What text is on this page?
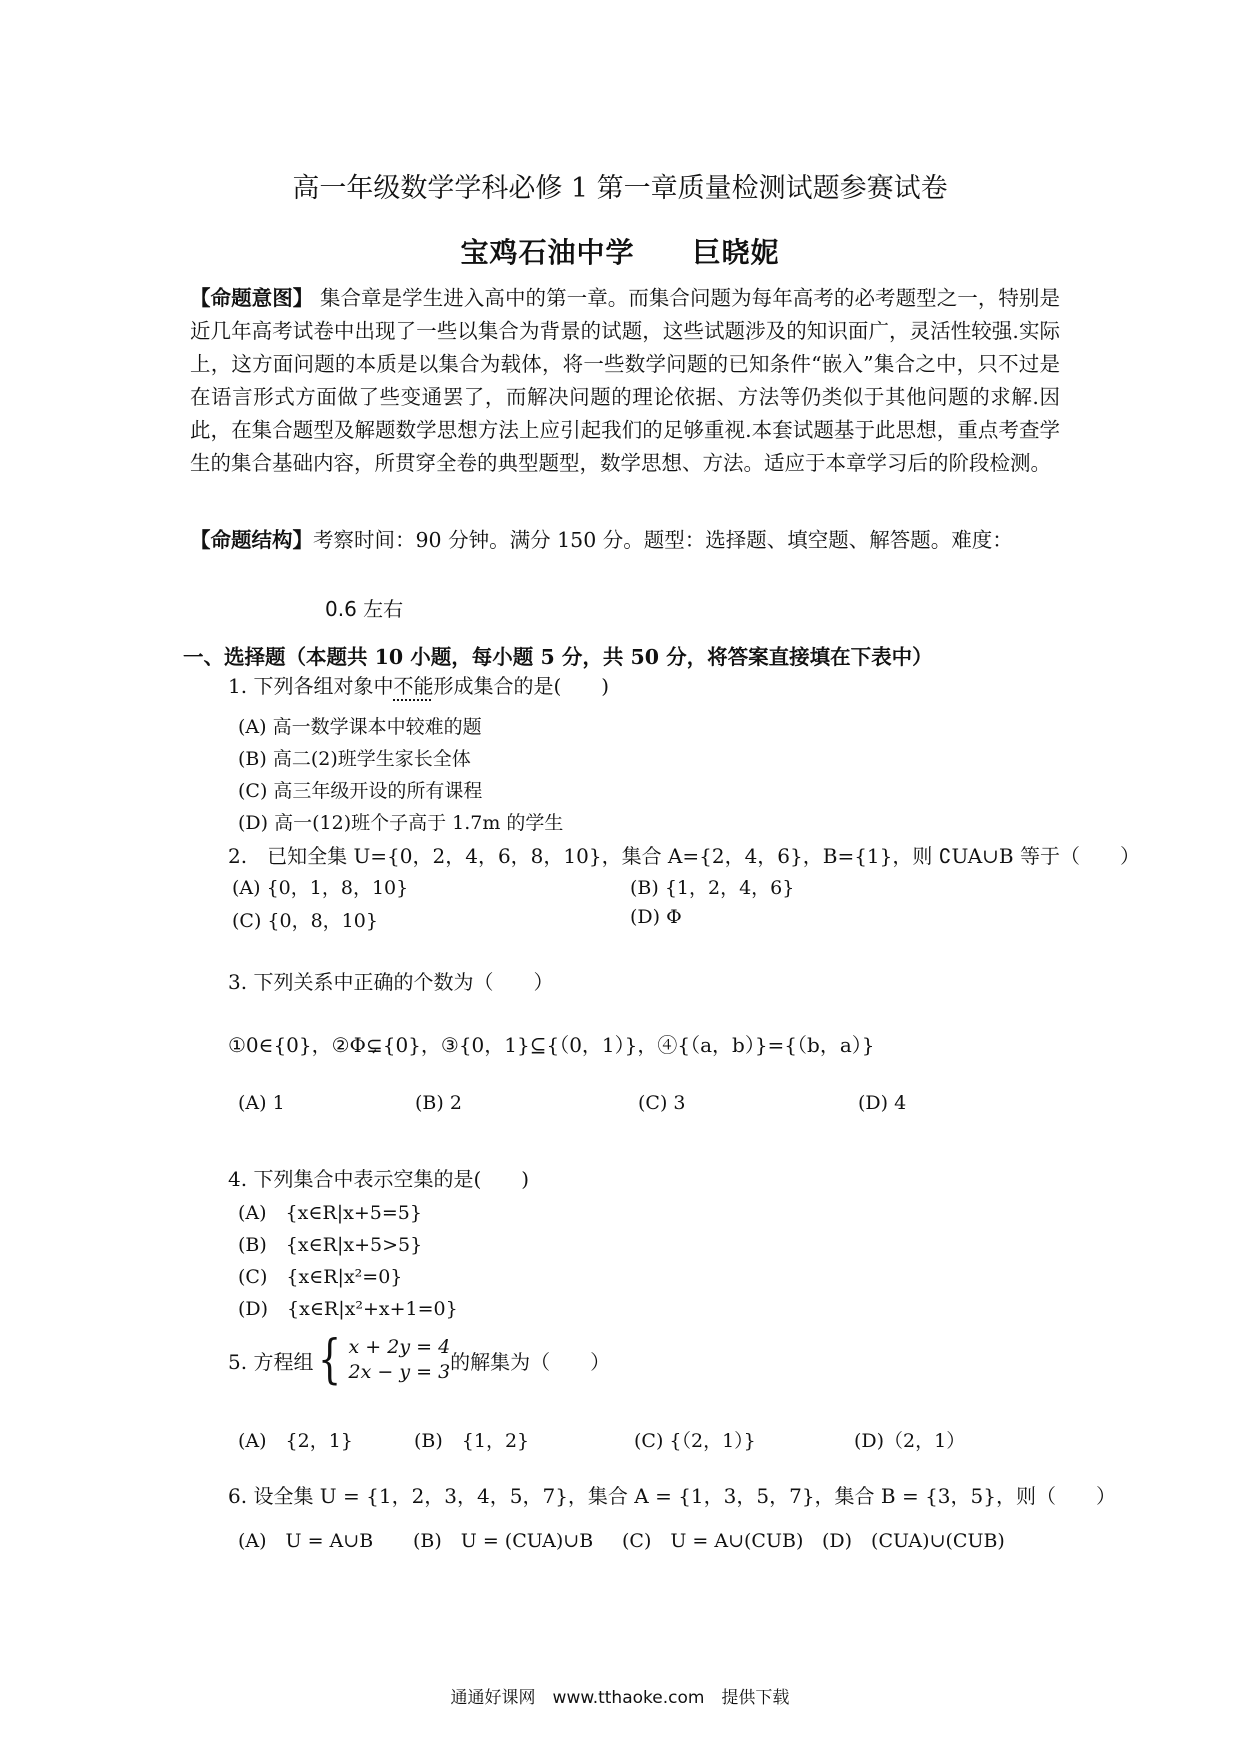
高一年级数学学科必修 1 第一章质量检测试题参赛试卷
宝鸡石油中学　　巨晓妮
【命题意图】 集合章是学生进入高中的第一章。而集合问题为每年高考的必考题型之一，特别是近几年高考试卷中出现了一些以集合为背景的试题，这些试题涉及的知识面广，灵活性较强.实际上，这方面问题的本质是以集合为载体，将一些数学问题的已知条件“嵌入”集合之中，只不过是在语言形式方面做了些变通罢了，而解决问题的理论依据、方法等仍类似于其他问题的求解.因此，在集合题型及解题数学思想方法上应引起我们的足够重视.本套试题基于此思想，重点考查学生的集合基础内容，所贯穿全卷的典型题型，数学思想、方法。适应于本章学习后的阶段检测。
【命题结构】考察时间：90 分钟。满分 150 分。题型：选择题、填空题、解答题。难度：
0.6 左右
一、选择题（本题共 10 小题，每小题 5 分，共 50 分，将答案直接填在下表中）
1. 下列各组对象中不能形成集合的是(　　)
(A) 高一数学课本中较难的题
(B) 高二(2)班学生家长全体
(C) 高三年级开设的所有课程
(D) 高一(12)班个子高于 1.7m 的学生
2.　已知全集 U={0，2，4，6，8，10}，集合 A={2，4，6}，B={1}，则 ∁UA∪B 等于（　　）
(A) {0，1，8，10}	(B) {1，2，4，6}
(C) {0，8，10}	(D) Φ
3. 下列关系中正确的个数为（　　）
①0∈{0}，②Φ⊊{0}，③{0，1}⊆{（0，1）}，④{（a，b）}={（b，a）}
(A) 1	(B) 2	(C) 3	(D) 4
4. 下列集合中表示空集的是(　　)
(A)　{x∈R|x+5=5}
(B)　{x∈R|x+5>5}
(C)　{x∈R|x²=0}
(D)　{x∈R|x²+x+1=0}
5. 方程组 { x + 2y = 4
2x − y = 3 的解集为（　　）
(A)　{2，1}	(B)　{1，2}	(C) {（2，1）}	(D)（2，1）
6. 设全集 U = {1，2，3，4，5，7}，集合 A = {1，3，5，7}，集合 B = {3，5}，则（　　）
(A)　U = A∪B (B)　U = (CUA)∪B (C)　U = A∪(CUB) (D)　(CUA)∪(CUB)
通通好课网　www.tthaoke.com　提供下载
